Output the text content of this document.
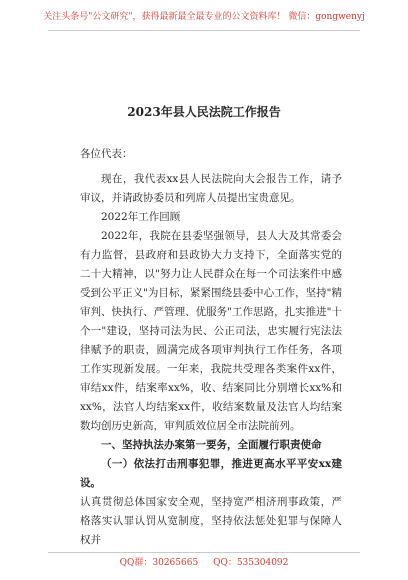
关注头条号"公文研究"，获得最新最全最专业的公文资料库！ 微信：gongwenyj
2023年县人民法院工作报告

各位代表：

现在，我代表xx县人民法院向大会报告工作，请予审议，并请政协委员和列席人员提出宝贵意见。

2022年工作回顾

2022年，我院在县委坚强领导，县人大及其常委会有力监督，县政府和县政协大力支持下，全面落实党的二十大精神，以"努力让人民群众在每一个司法案件中感受到公平正义"为目标，紧紧围绕县委中心工作，坚持"精审判、快执行、严管理、优服务"工作思路，扎实推进"十个一"建设，坚持司法为民、公正司法，忠实履行宪法法律赋予的职责，圆满完成各项审判执行工作任务，各项工作实现新发展。一年来，我院共受理各类案件xx件，审结xx件，结案率xx%，收、结案同比分别增长xx%和xx%，法官人均结案xx件，收结案数量及法官人均结案数均创历史新高，审判质效位居全市法院前列。

一、坚持执法办案第一要务，全面履行职责使命

（一）依法打击刑事犯罪，推进更高水平平安xx建设。

认真贯彻总体国家安全观，坚持宽严相济刑事政策，严格落实认罪认罚从宽制度，坚持依法惩处犯罪与保障人权并

QQ群：30265665 QQ：535304092
